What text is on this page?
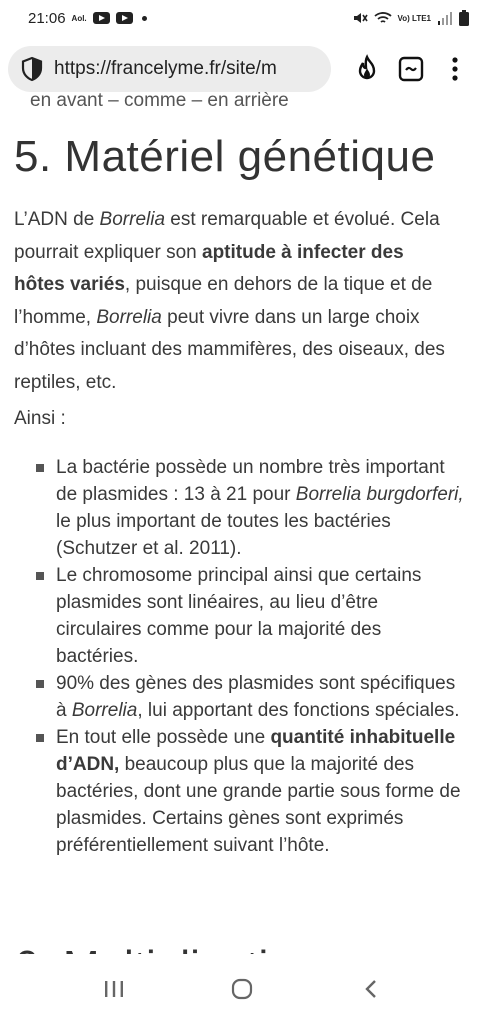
21:06 Aol.	Vo) LTE1
https://francelyme.fr/site/m
en avant – comme – en arrière
5. Matériel génétique

L’ADN de Borrelia est remarquable et évolué. Cela pourrait expliquer son aptitude à infecter des hôtes variés, puisque en dehors de la tique et de l’homme, Borrelia peut vivre dans un large choix d’hôtes incluant des mammifères, des oiseaux, des reptiles, etc.

Ainsi :

La bactérie possède un nombre très important de plasmides : 13 à 21 pour Borrelia burgdorferi, le plus important de toutes les bactéries (Schutzer et al. 2011).
Le chromosome principal ainsi que certains plasmides sont linéaires, au lieu d’être circulaires comme pour la majorité des bactéries.
90% des gènes des plasmides sont spécifiques à Borrelia, lui apportant des fonctions spéciales.
En tout elle possède une quantité inhabituelle d’ADN, beaucoup plus que la majorité des bactéries, dont une grande partie sous forme de plasmides. Certains gènes sont exprimés préférentiellement suivant l’hôte.
